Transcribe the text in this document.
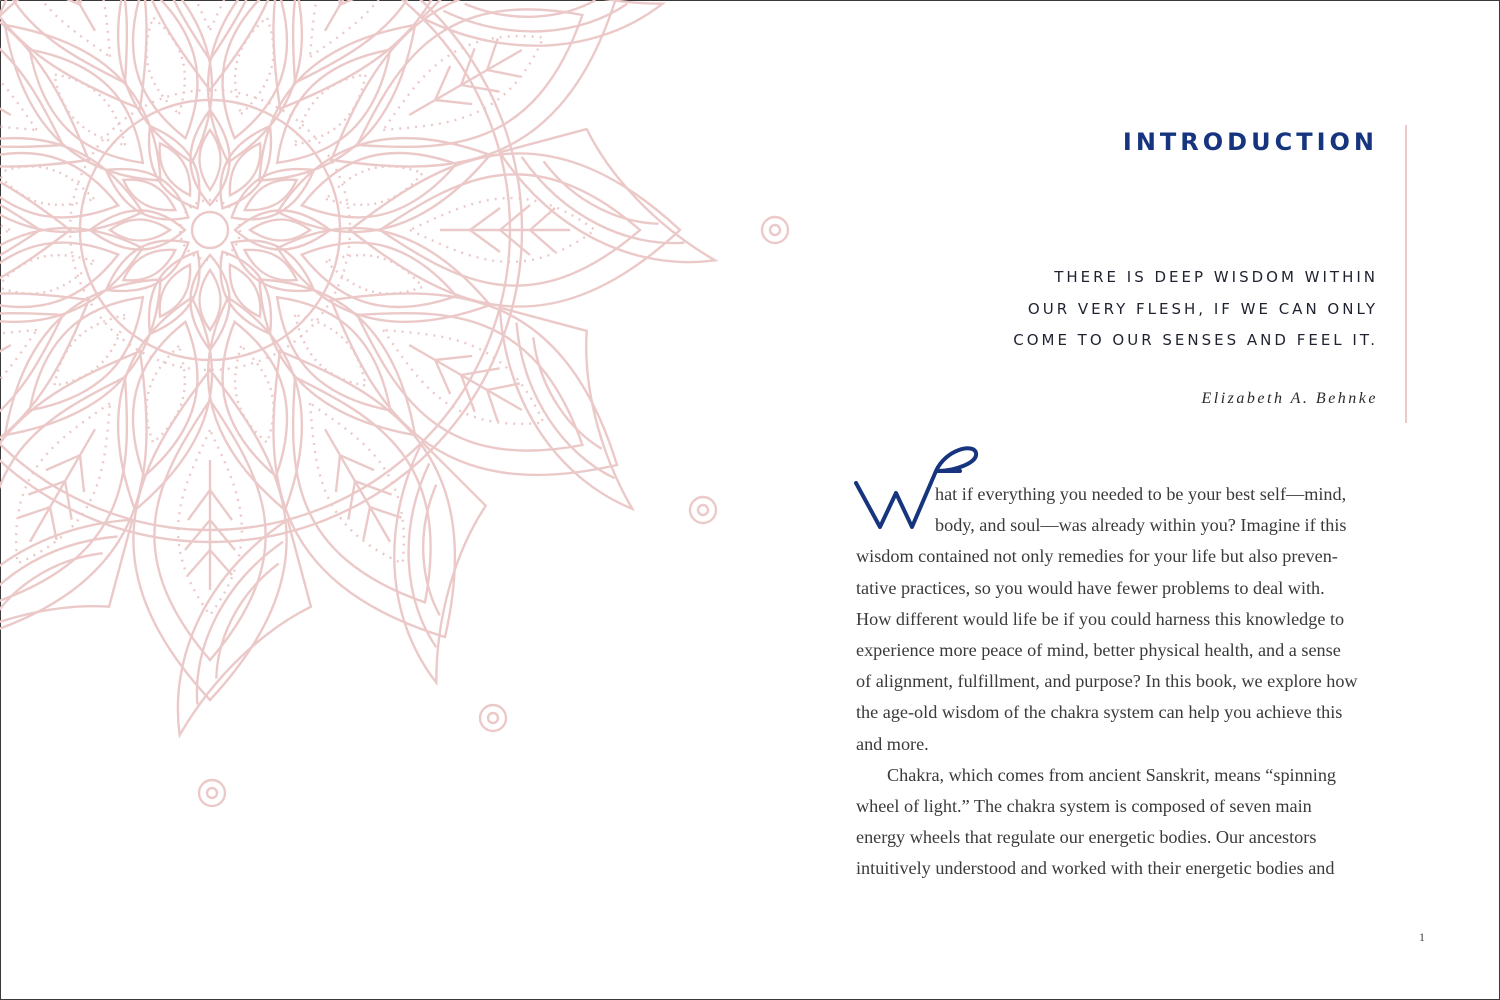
INTRODUCTION
THERE IS DEEP WISDOM WITHIN
OUR VERY FLESH, IF WE CAN ONLY
COME TO OUR SENSES AND FEEL IT.
Elizabeth A. Behnke
hat if everything you needed to be your best self—mind,
body, and soul—was already within you? Imagine if this
wisdom contained not only remedies for your life but also preven-
tative practices, so you would have fewer problems to deal with.
How different would life be if you could harness this knowledge to
experience more peace of mind, better physical health, and a sense
of alignment, fulfillment, and purpose? In this book, we explore how
the age-old wisdom of the chakra system can help you achieve this
and more.
Chakra, which comes from ancient Sanskrit, means “spinning
wheel of light.” The chakra system is composed of seven main
energy wheels that regulate our energetic bodies. Our ancestors
intuitively understood and worked with their energetic bodies and
1
